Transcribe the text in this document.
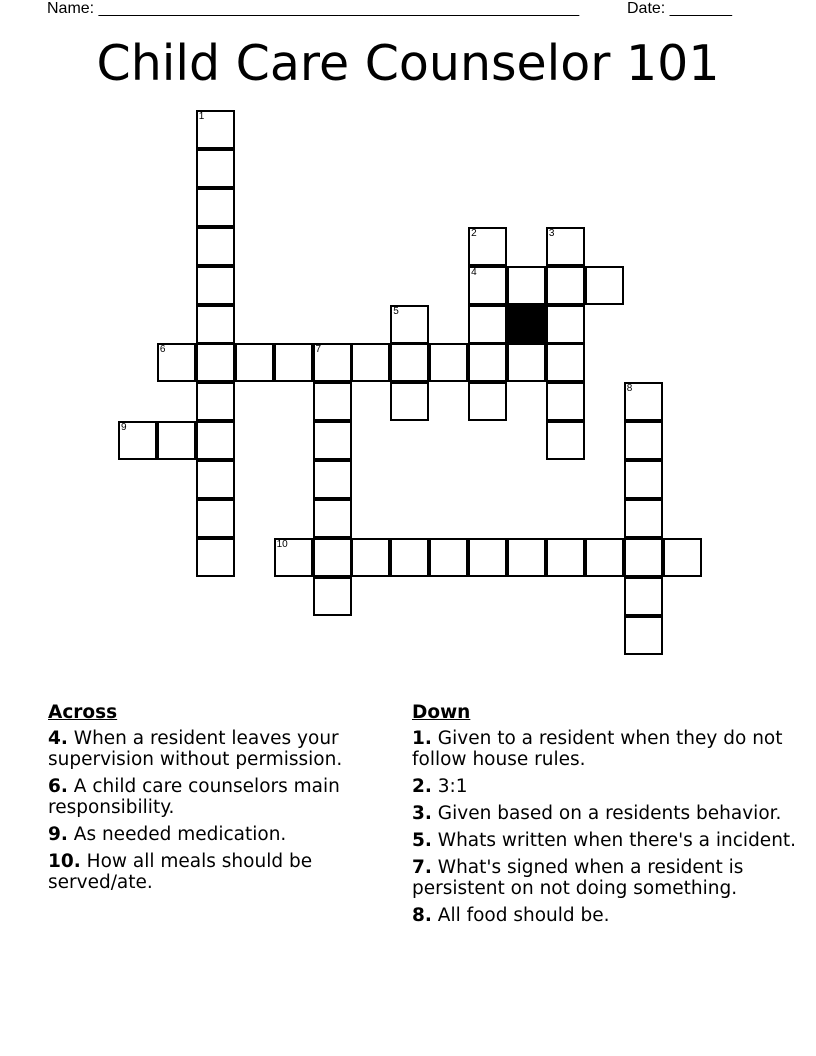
Name: ______________________________________________________	Date: _______
Child Care Counselor 101
1
2	3
4
5
6	7
8
9
10
Across
4. When a resident leaves your supervision without permission.
6. A child care counselors main responsibility.
9. As needed medication.
10. How all meals should be served/ate.
Down
1. Given to a resident when they do not follow house rules.
2. 3:1
3. Given based on a residents behavior.
5. Whats written when there's a incident.
7. What's signed when a resident is persistent on not doing something.
8. All food should be.
